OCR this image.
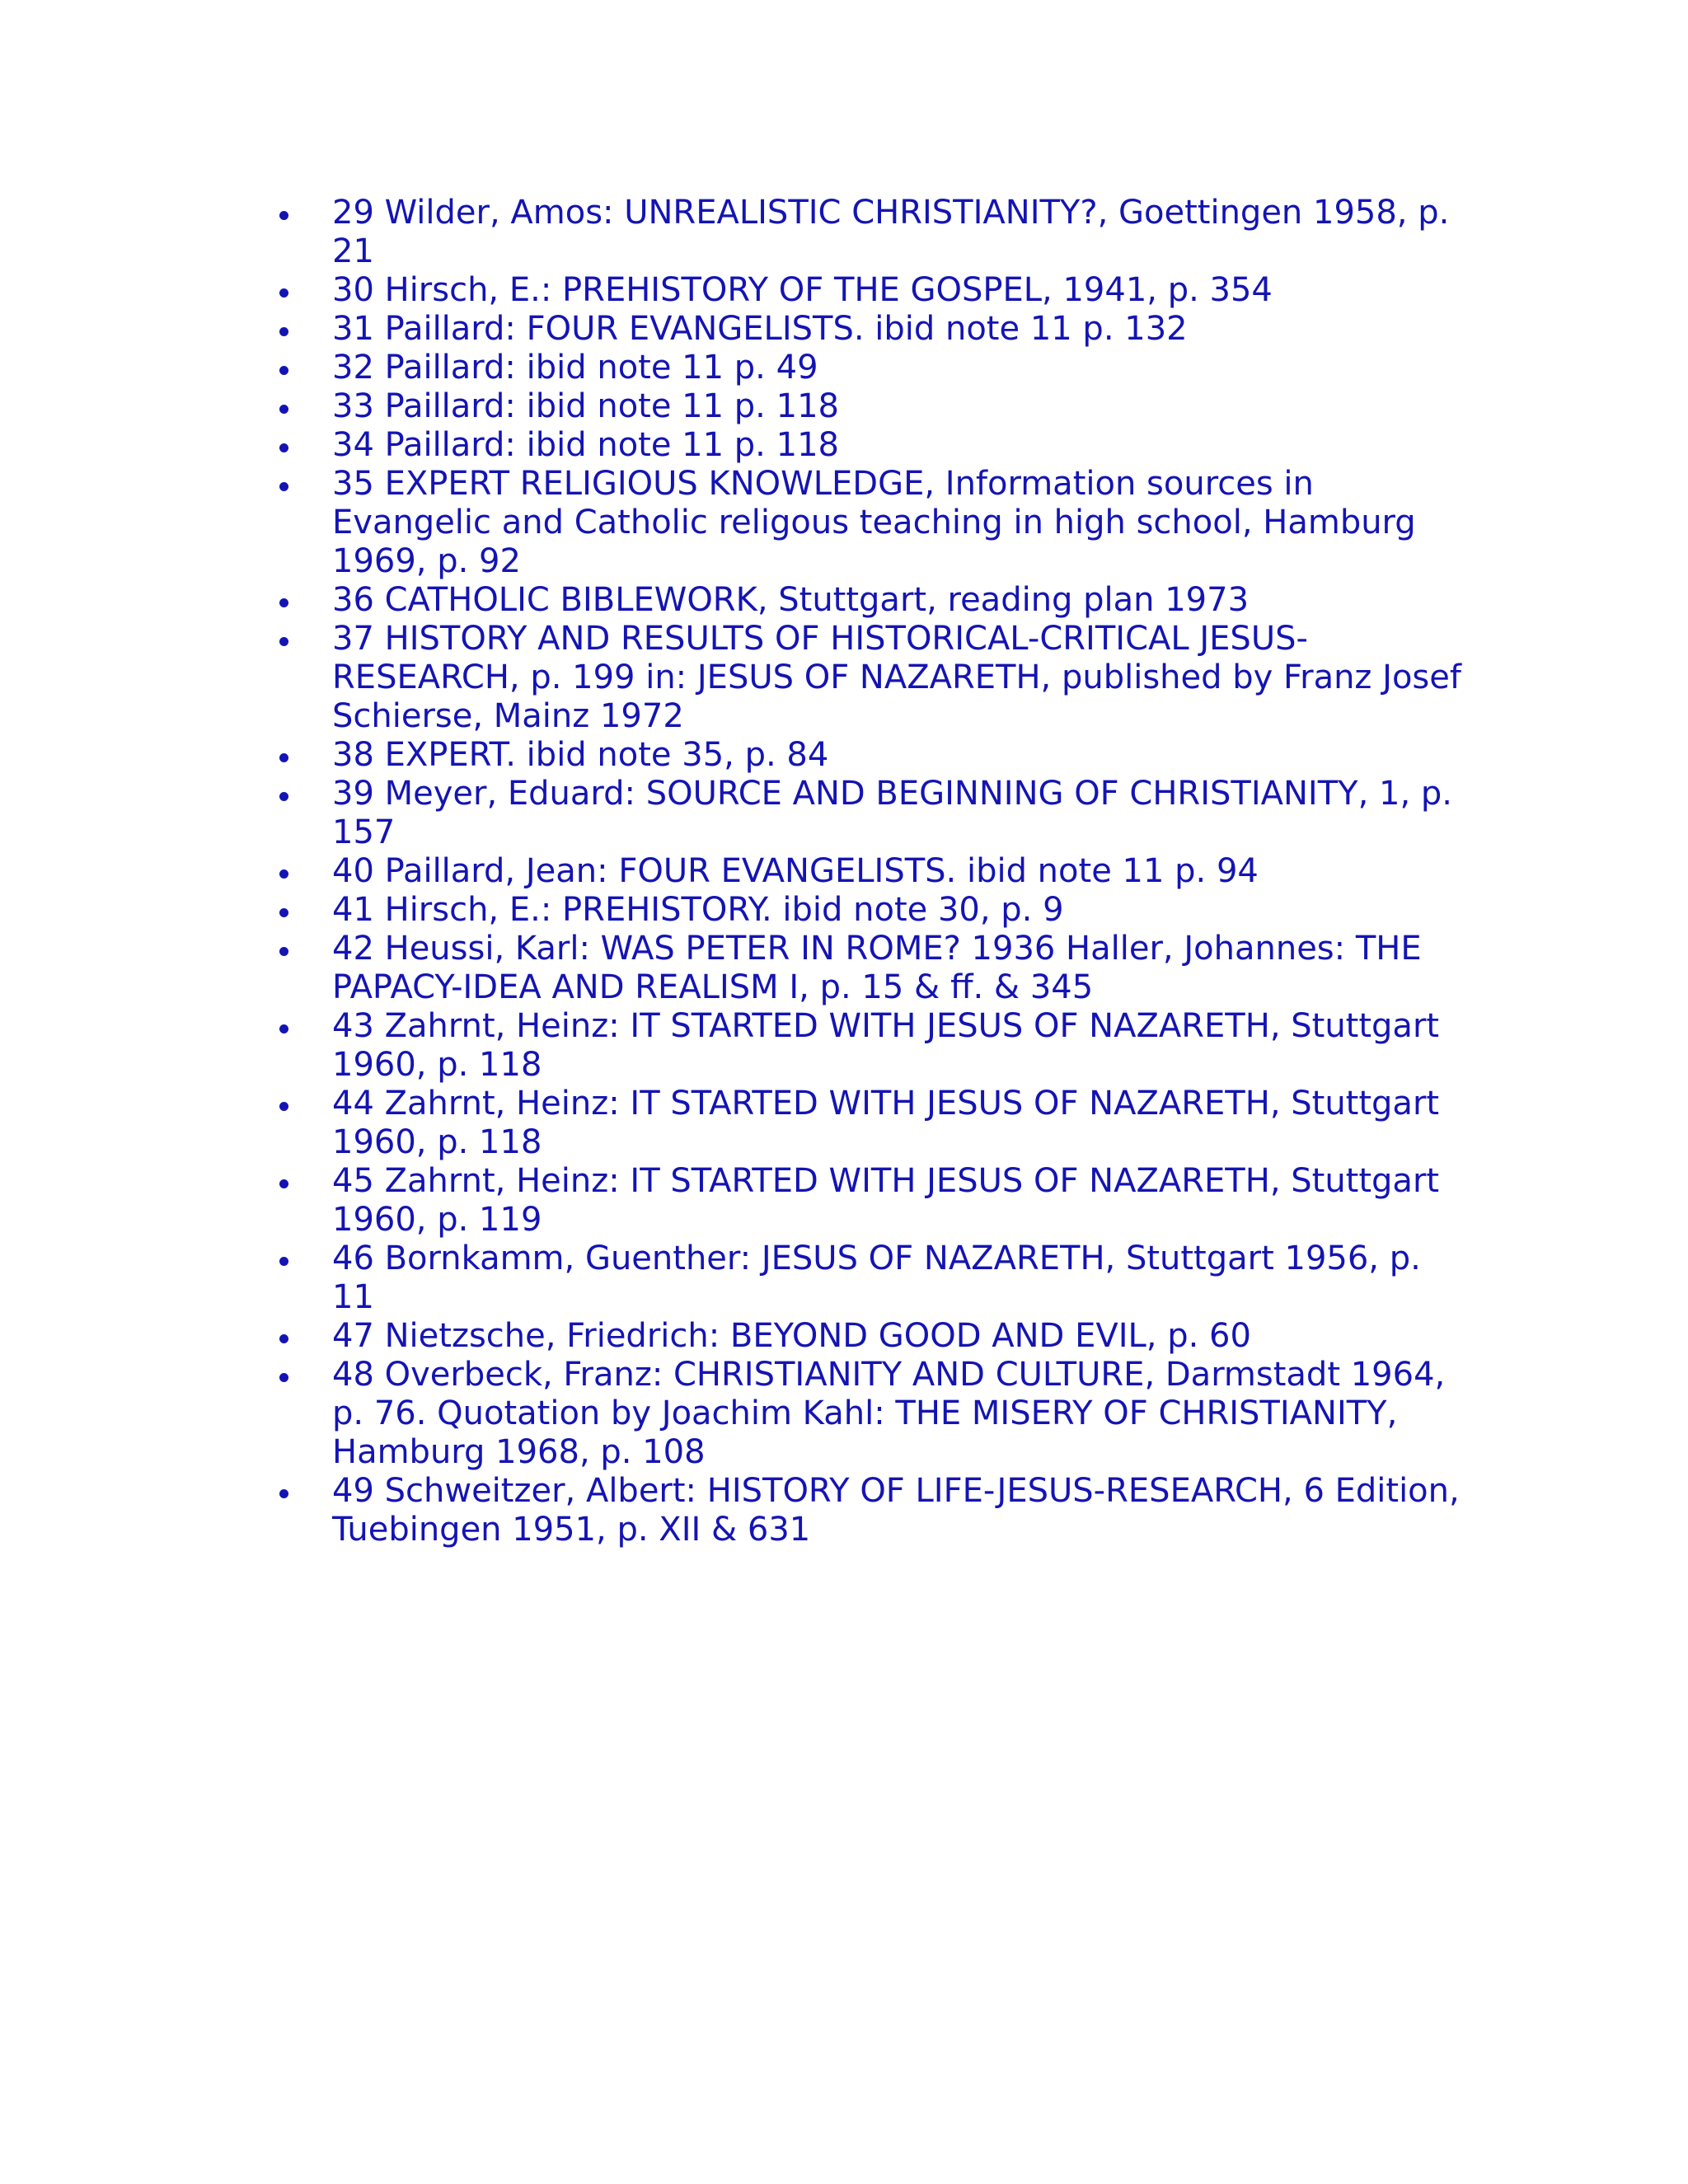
29 Wilder, Amos: UNREALISTIC CHRISTIANITY?, Goettingen 1958, p. 21
30 Hirsch, E.: PREHISTORY OF THE GOSPEL, 1941, p. 354
31 Paillard: FOUR EVANGELISTS. ibid note 11 p. 132
32 Paillard: ibid note 11 p. 49
33 Paillard: ibid note 11 p. 118
34 Paillard: ibid note 11 p. 118
35 EXPERT RELIGIOUS KNOWLEDGE, Information sources in Evangelic and Catholic religous teaching in high school, Hamburg 1969, p. 92
36 CATHOLIC BIBLEWORK, Stuttgart, reading plan 1973
37 HISTORY AND RESULTS OF HISTORICAL-CRITICAL JESUS-RESEARCH, p. 199 in: JESUS OF NAZARETH, published by Franz Josef Schierse, Mainz 1972
38 EXPERT. ibid note 35, p. 84
39 Meyer, Eduard: SOURCE AND BEGINNING OF CHRISTIANITY, 1, p. 157
40 Paillard, Jean: FOUR EVANGELISTS. ibid note 11 p. 94
41 Hirsch, E.: PREHISTORY. ibid note 30, p. 9
42 Heussi, Karl: WAS PETER IN ROME? 1936 Haller, Johannes: THE PAPACY-IDEA AND REALISM I, p. 15 & ff. & 345
43 Zahrnt, Heinz: IT STARTED WITH JESUS OF NAZARETH, Stuttgart 1960, p. 118
44 Zahrnt, Heinz: IT STARTED WITH JESUS OF NAZARETH, Stuttgart 1960, p. 118
45 Zahrnt, Heinz: IT STARTED WITH JESUS OF NAZARETH, Stuttgart 1960, p. 119
46 Bornkamm, Guenther: JESUS OF NAZARETH, Stuttgart 1956, p. 11
47 Nietzsche, Friedrich: BEYOND GOOD AND EVIL, p. 60
48 Overbeck, Franz: CHRISTIANITY AND CULTURE, Darmstadt 1964, p. 76. Quotation by Joachim Kahl: THE MISERY OF CHRISTIANITY, Hamburg 1968, p. 108
49 Schweitzer, Albert: HISTORY OF LIFE-JESUS-RESEARCH, 6 Edition, Tuebingen 1951, p. XII & 631
